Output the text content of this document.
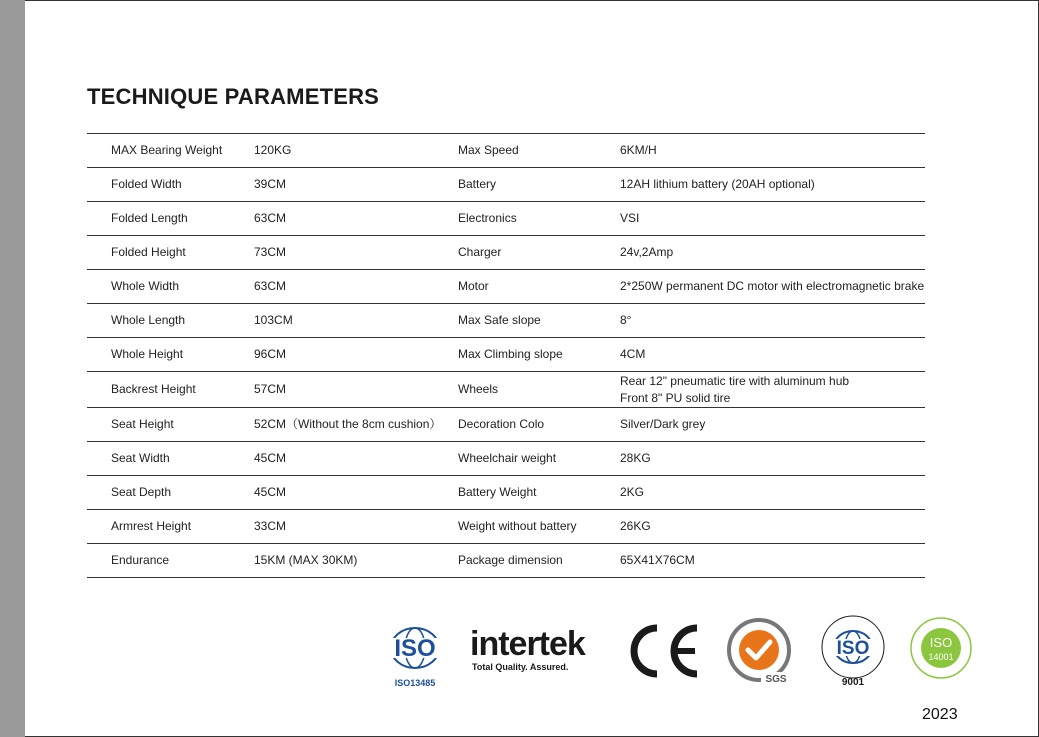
TECHNIQUE PARAMETERS
MAX Bearing Weight	120KG	Max Speed	6KM/H
Folded Width	39CM	Battery	12AH lithium battery (20AH optional)
Folded Length	63CM	Electronics	VSI
Folded Height	73CM	Charger	24v,2Amp
Whole Width	63CM	Motor	2*250W permanent DC motor with electromagnetic brake
Whole Length	103CM	Max Safe slope	8°
Whole Height	96CM	Max Climbing slope	4CM
Backrest Height	57CM	Wheels	Rear 12" pneumatic tire with aluminum hub
Front 8" PU solid tire
Seat Height	52CM（Without the 8cm cushion）	Decoration Colo	Silver/Dark grey
Seat Width	45CM	Wheelchair weight	28KG
Seat Depth	45CM	Battery Weight	2KG
Armrest Height	33CM	Weight without battery	26KG
Endurance	15KM (MAX 30KM)	Package dimension	65X41X76CM
ISO
ISO13485
intertek
Total Quality. Assured.
SGS
ISO
9001
ISO
14001
2023
